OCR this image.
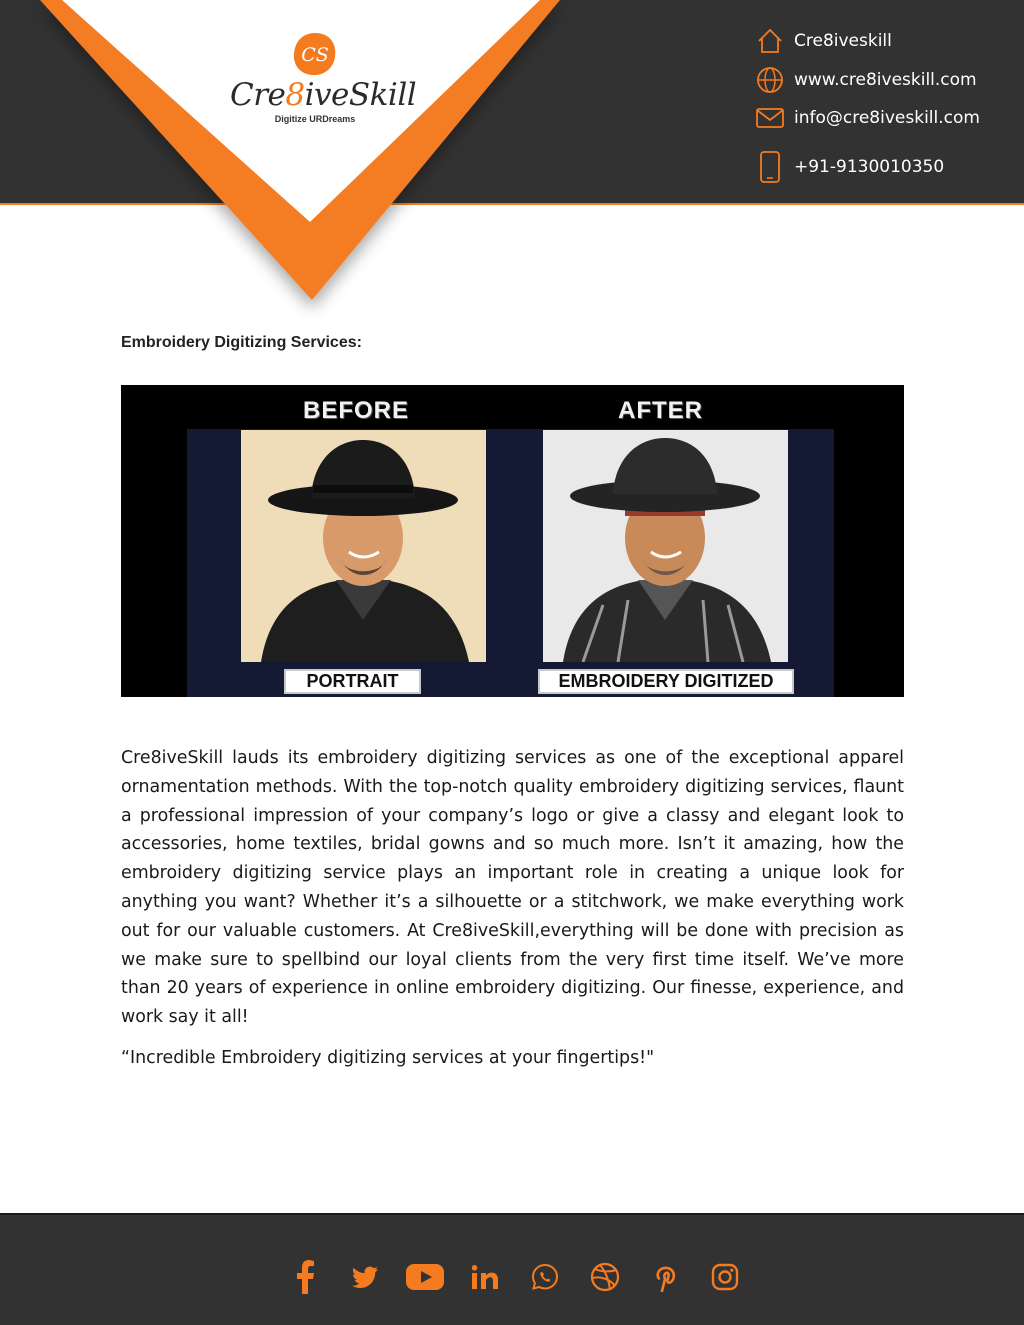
Cre8iveskill
www.cre8iveskill.com
info@cre8iveskill.com
+91-9130010350
CS
Cre8iveSkill
Digitize URDreams
Embroidery Digitizing Services:
BEFORE	AFTER
PORTRAIT	EMBROIDERY DIGITIZED

Cre8iveSkill lauds its embroidery digitizing services as one of the exceptional apparel ornamentation methods. With the top-notch quality embroidery digitizing services, flaunt a professional impression of your company’s logo or give a classy and elegant look to accessories, home textiles, bridal gowns and so much more. Isn’t it amazing, how the embroidery digitizing service plays an important role in creating a unique look for anything you want? Whether it’s a silhouette or a stitchwork, we make everything work out for our valuable customers. At Cre8iveSkill,everything will be done with precision as we make sure to spellbind our loyal clients from the very first time itself. We’ve more than 20 years of experience in online embroidery digitizing. Our finesse, experience, and work say it all!

“Incredible Embroidery digitizing services at your fingertips!"
